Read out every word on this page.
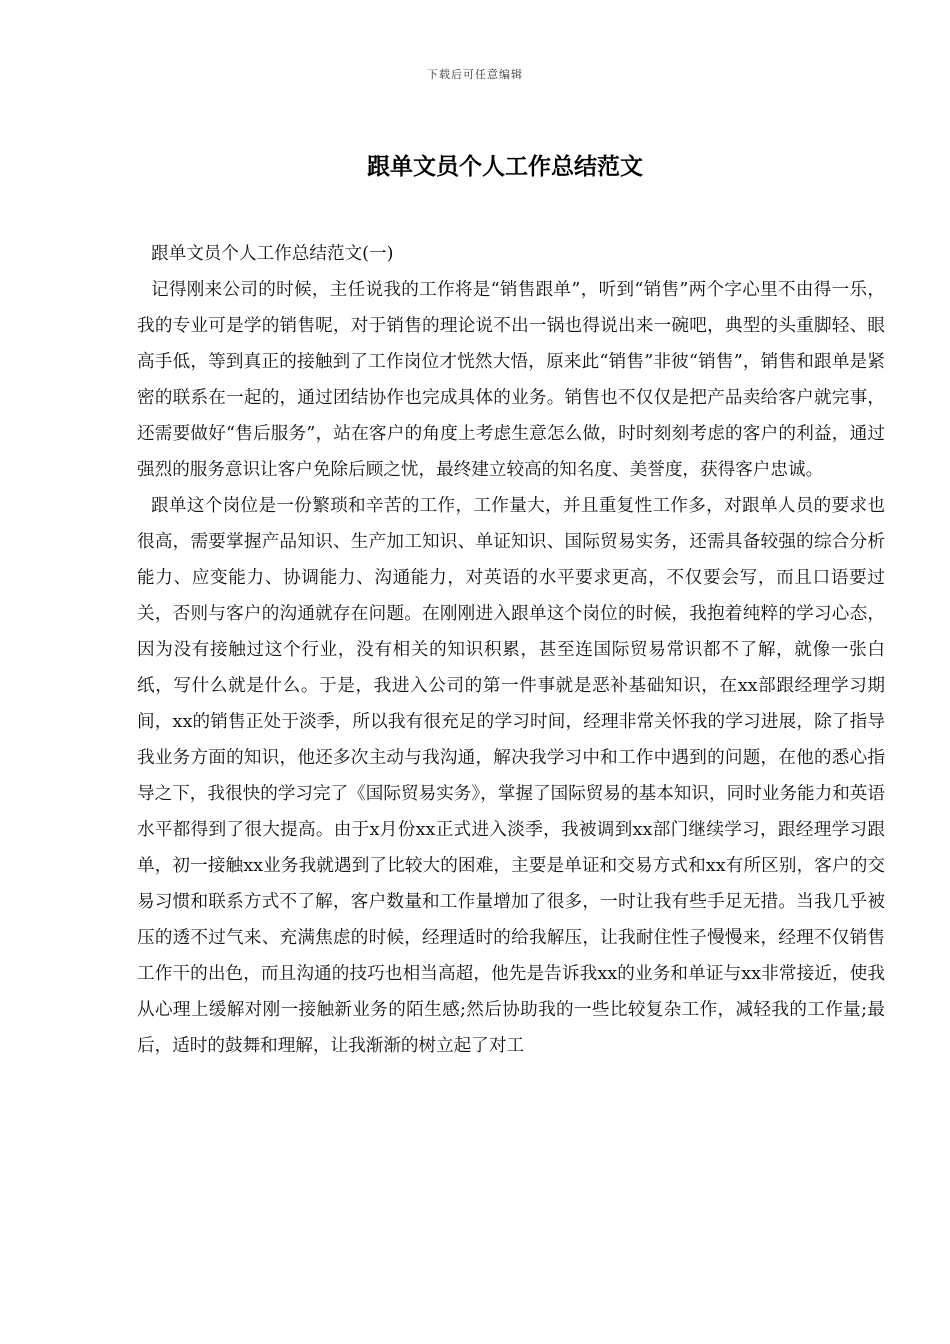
下载后可任意编辑
跟单文员个人工作总结范文

跟单文员个人工作总结范文(一)

记得刚来公司的时候，主任说我的工作将是“销售跟单”，听到“销售”两个字心里不由得一乐，我的专业可是学的销售呢，对于销售的理论说不出一锅也得说出来一碗吧，典型的头重脚轻、眼高手低，等到真正的接触到了工作岗位才恍然大悟，原来此“销售”非彼“销售”，销售和跟单是紧密的联系在一起的，通过团结协作也完成具体的业务。销售也不仅仅是把产品卖给客户就完事，还需要做好“售后服务”，站在客户的角度上考虑生意怎么做，时时刻刻考虑的客户的利益，通过强烈的服务意识让客户免除后顾之忧，最终建立较高的知名度、美誉度，获得客户忠诚。

跟单这个岗位是一份繁琐和辛苦的工作，工作量大，并且重复性工作多，对跟单人员的要求也很高，需要掌握产品知识、生产加工知识、单证知识、国际贸易实务，还需具备较强的综合分析能力、应变能力、协调能力、沟通能力，对英语的水平要求更高，不仅要会写，而且口语要过关，否则与客户的沟通就存在问题。在刚刚进入跟单这个岗位的时候，我抱着纯粹的学习心态，因为没有接触过这个行业，没有相关的知识积累，甚至连国际贸易常识都不了解，就像一张白纸，写什么就是什么。于是，我进入公司的第一件事就是恶补基础知识，在xx部跟经理学习期间，xx的销售正处于淡季，所以我有很充足的学习时间，经理非常关怀我的学习进展，除了指导我业务方面的知识，他还多次主动与我沟通，解决我学习中和工作中遇到的问题，在他的悉心指导之下，我很快的学习完了《国际贸易实务》，掌握了国际贸易的基本知识，同时业务能力和英语水平都得到了很大提高。由于x月份xx正式进入淡季，我被调到xx部门继续学习，跟经理学习跟单，初一接触xx业务我就遇到了比较大的困难，主要是单证和交易方式和xx有所区别，客户的交易习惯和联系方式不了解，客户数量和工作量增加了很多，一时让我有些手足无措。当我几乎被压的透不过气来、充满焦虑的时候，经理适时的给我解压，让我耐住性子慢慢来，经理不仅销售工作干的出色，而且沟通的技巧也相当高超，他先是告诉我xx的业务和单证与xx非常接近，使我从心理上缓解对刚一接触新业务的陌生感;然后协助我的一些比较复杂工作，减轻我的工作量;最后，适时的鼓舞和理解，让我渐渐的树立起了对工
